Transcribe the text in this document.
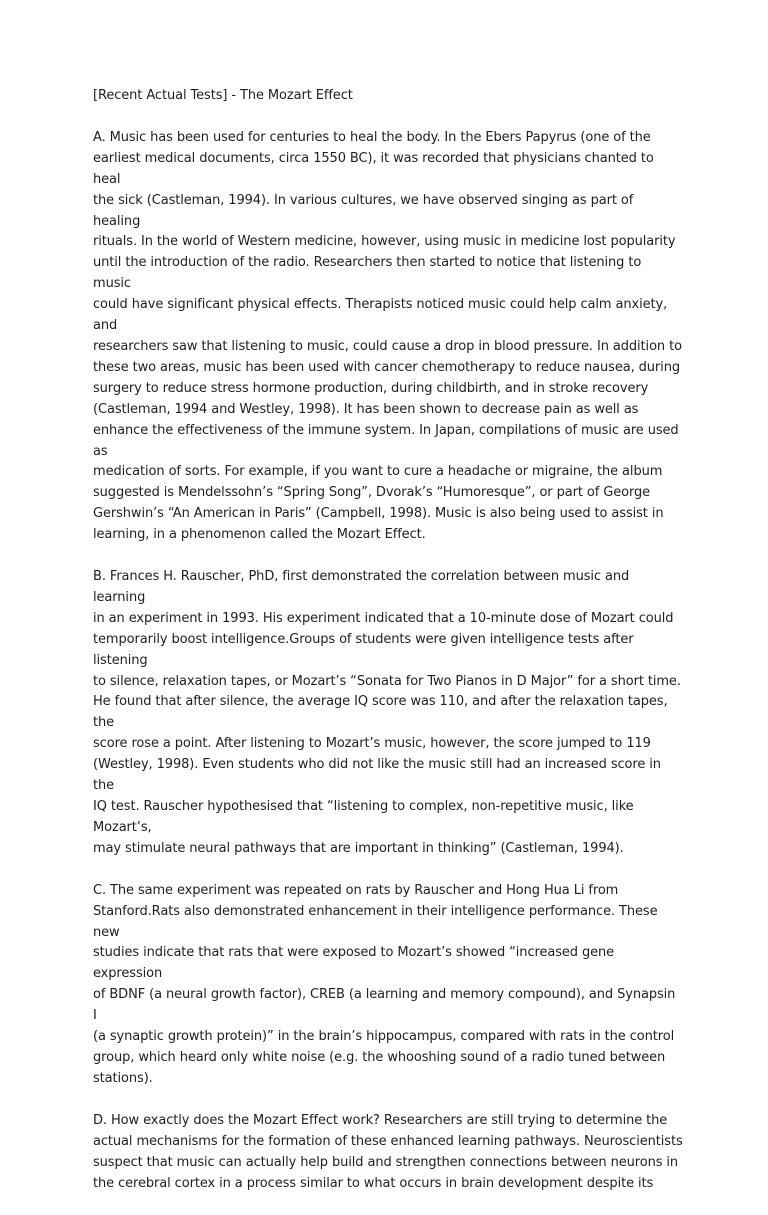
[Recent Actual Tests] - The Mozart Effect

A. Music has been used for centuries to heal the body. In the Ebers Papyrus (one of the
earliest medical documents, circa 1550 BC), it was recorded that physicians chanted to heal
the sick (Castleman, 1994). In various cultures, we have observed singing as part of healing
rituals. In the world of Western medicine, however, using music in medicine lost popularity
until the introduction of the radio. Researchers then started to notice that listening to music
could have significant physical effects. Therapists noticed music could help calm anxiety, and
researchers saw that listening to music, could cause a drop in blood pressure. In addition to
these two areas, music has been used with cancer chemotherapy to reduce nausea, during
surgery to reduce stress hormone production, during childbirth, and in stroke recovery
(Castleman, 1994 and Westley, 1998). It has been shown to decrease pain as well as
enhance the effectiveness of the immune system. In Japan, compilations of music are used as
medication of sorts. For example, if you want to cure a headache or migraine, the album
suggested is Mendelssohn’s “Spring Song”, Dvorak’s “Humoresque”, or part of George
Gershwin’s “An American in Paris” (Campbell, 1998). Music is also being used to assist in
learning, in a phenomenon called the Mozart Effect.

B. Frances H. Rauscher, PhD, first demonstrated the correlation between music and learning
in an experiment in 1993. His experiment indicated that a 10-minute dose of Mozart could
temporarily boost intelligence.Groups of students were given intelligence tests after listening
to silence, relaxation tapes, or Mozart’s “Sonata for Two Pianos in D Major” for a short time.
He found that after silence, the average IQ score was 110, and after the relaxation tapes, the
score rose a point. After listening to Mozart’s music, however, the score jumped to 119
(Westley, 1998). Even students who did not like the music still had an increased score in the
IQ test. Rauscher hypothesised that “listening to complex, non-repetitive music, like Mozart’s,
may stimulate neural pathways that are important in thinking” (Castleman, 1994).

C. The same experiment was repeated on rats by Rauscher and Hong Hua Li from
Stanford.Rats also demonstrated enhancement in their intelligence performance. These new
studies indicate that rats that were exposed to Mozart’s showed “increased gene expression
of BDNF (a neural growth factor), CREB (a learning and memory compound), and Synapsin I
(a synaptic growth protein)” in the brain’s hippocampus, compared with rats in the control
group, which heard only white noise (e.g. the whooshing sound of a radio tuned between
stations).

D. How exactly does the Mozart Effect work? Researchers are still trying to determine the
actual mechanisms for the formation of these enhanced learning pathways. Neuroscientists
suspect that music can actually help build and strengthen connections between neurons in
the cerebral cortex in a process similar to what occurs in brain development despite its
